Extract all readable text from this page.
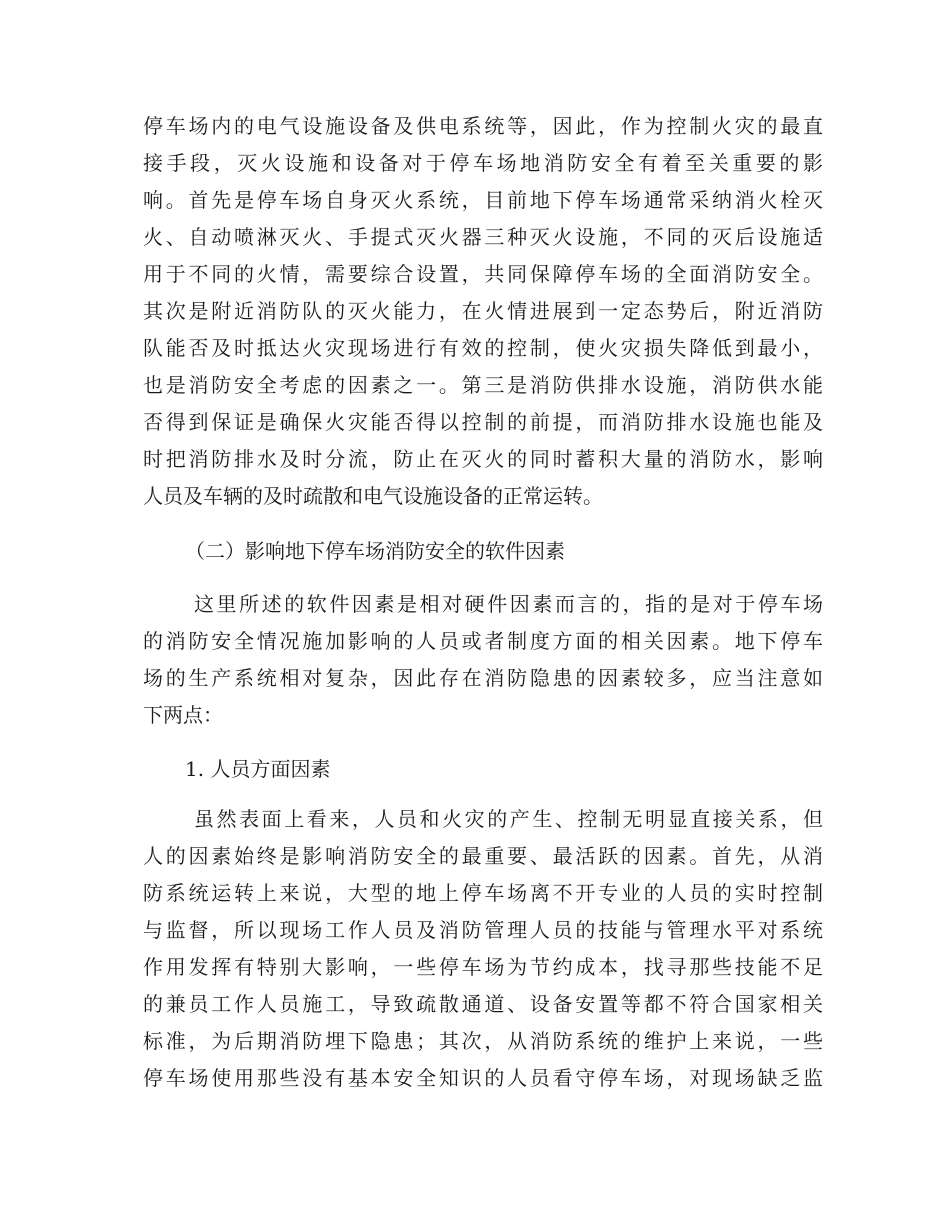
停车场内的电气设施设备及供电系统等，因此，作为控制火灾的最直
接手段，灭火设施和设备对于停车场地消防安全有着至关重要的影
响。首先是停车场自身灭火系统，目前地下停车场通常采纳消火栓灭
火、自动喷淋灭火、手提式灭火器三种灭火设施，不同的灭后设施适
用于不同的火情，需要综合设置，共同保障停车场的全面消防安全。
其次是附近消防队的灭火能力，在火情进展到一定态势后，附近消防
队能否及时抵达火灾现场进行有效的控制，使火灾损失降低到最小，
也是消防安全考虑的因素之一。第三是消防供排水设施，消防供水能
否得到保证是确保火灾能否得以控制的前提，而消防排水设施也能及
时把消防排水及时分流，防止在灭火的同时蓄积大量的消防水，影响
人员及车辆的及时疏散和电气设施设备的正常运转。
（二）影响地下停车场消防安全的软件因素
这里所述的软件因素是相对硬件因素而言的，指的是对于停车场
的消防安全情况施加影响的人员或者制度方面的相关因素。地下停车
场的生产系统相对复杂，因此存在消防隐患的因素较多，应当注意如
下两点：
1. 人员方面因素
虽然表面上看来，人员和火灾的产生、控制无明显直接关系，但
人的因素始终是影响消防安全的最重要、最活跃的因素。首先，从消
防系统运转上来说，大型的地上停车场离不开专业的人员的实时控制
与监督，所以现场工作人员及消防管理人员的技能与管理水平对系统
作用发挥有特别大影响，一些停车场为节约成本，找寻那些技能不足
的兼员工作人员施工，导致疏散通道、设备安置等都不符合国家相关
标准，为后期消防埋下隐患；其次，从消防系统的维护上来说，一些
停车场使用那些没有基本安全知识的人员看守停车场，对现场缺乏监
